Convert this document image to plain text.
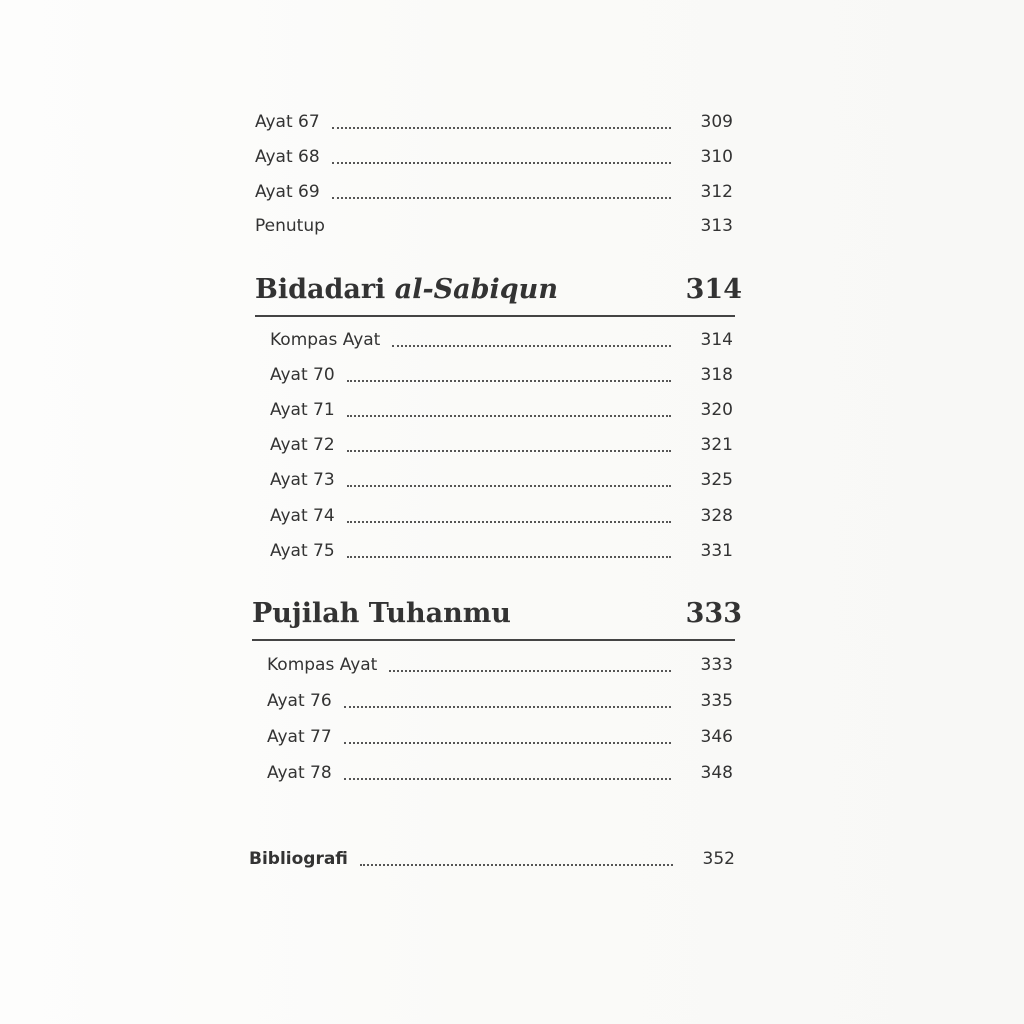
Ayat 67	309
Ayat 68	310
Ayat 69	312
Penutup	313
Bidadari al-Sabiqun	314
Kompas Ayat	314
Ayat 70	318
Ayat 71	320
Ayat 72	321
Ayat 73	325
Ayat 74	328
Ayat 75	331
Pujilah Tuhanmu	333
Kompas Ayat	333
Ayat 76	335
Ayat 77	346
Ayat 78	348
Bibliografi	352
